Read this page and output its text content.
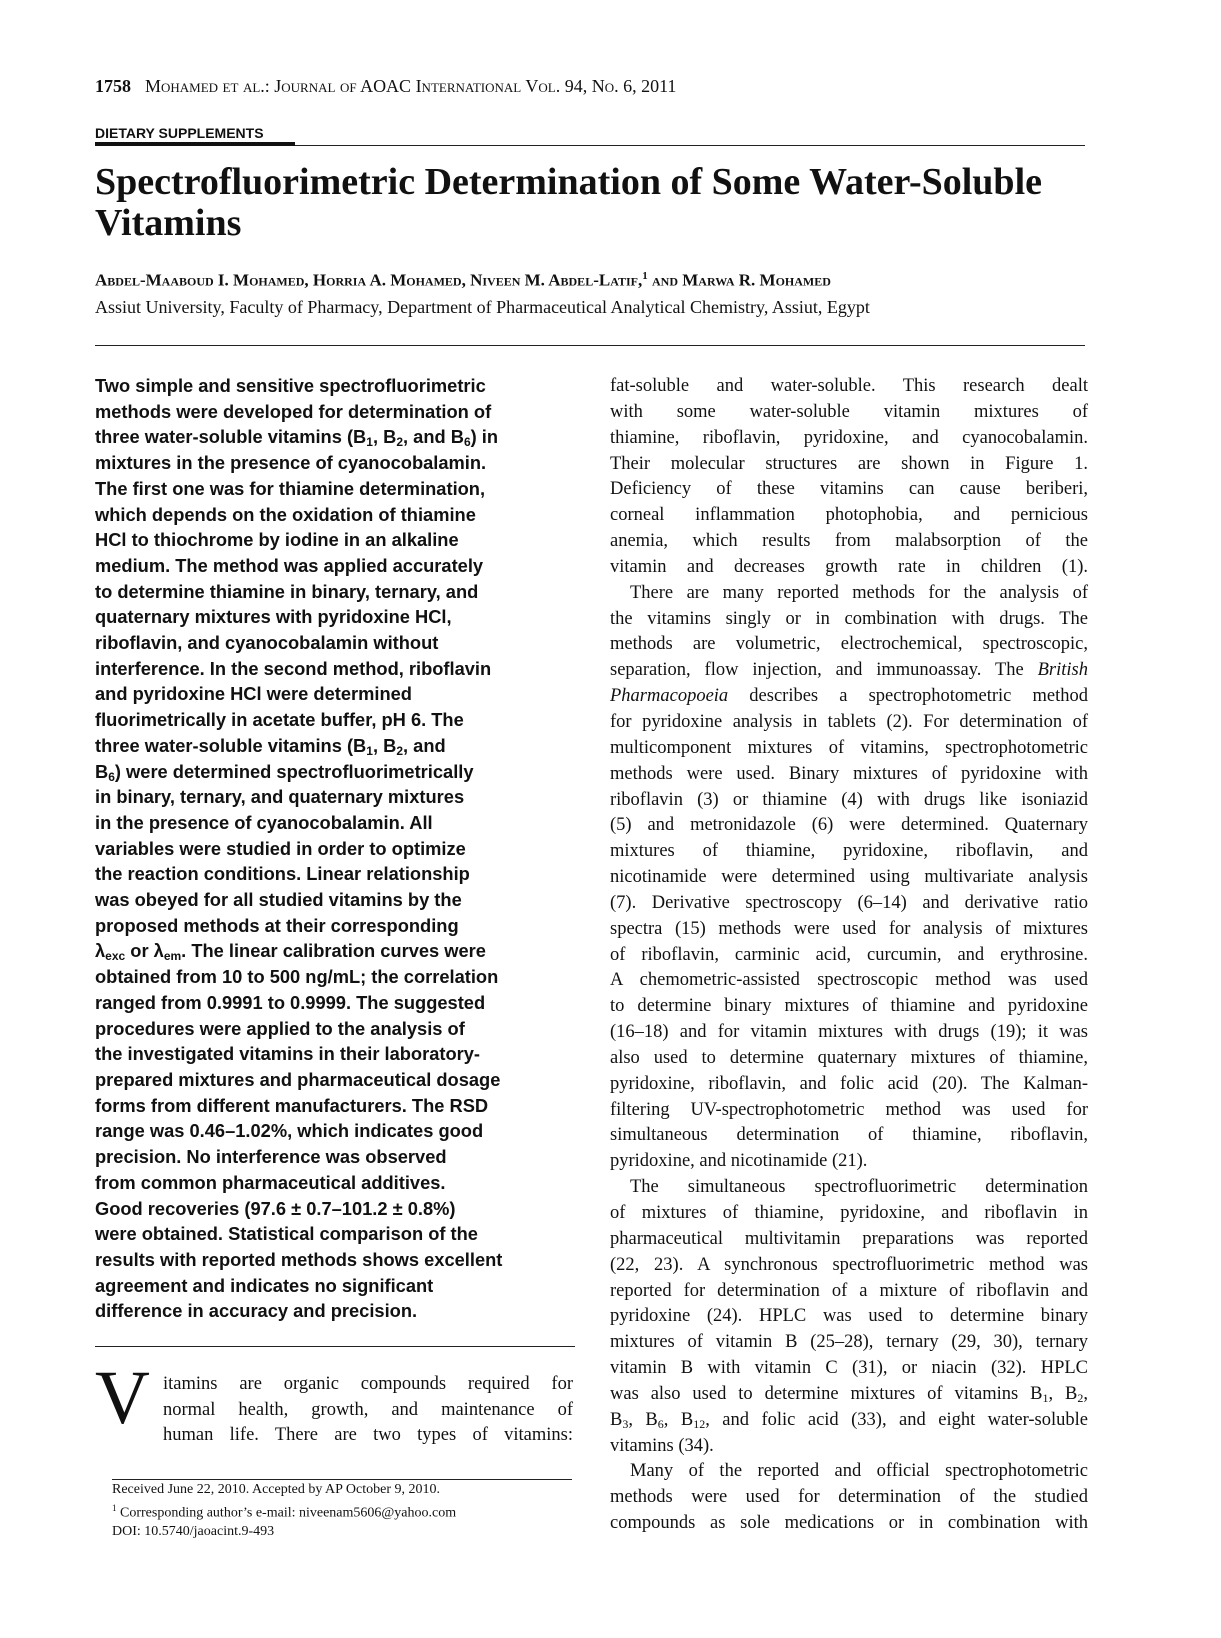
1758 Mohamed et al.: Journal of AOAC International Vol. 94, No. 6, 2011
DIETARY SUPPLEMENTS
Spectrofluorimetric Determination of Some Water-Soluble Vitamins
Abdel-Maaboud I. Mohamed, Horria A. Mohamed, Niveen M. Abdel-Latif,$^1$ and Marwa R. Mohamed
Assiut University, Faculty of Pharmacy, Department of Pharmaceutical Analytical Chemistry, Assiut, Egypt
Two simple and sensitive spectrofluorimetric
methods were developed for determination of
three water-soluble vitamins ($B_1$, $B_2$, and $B_6$) in
mixtures in the presence of cyanocobalamin.
The first one was for thiamine determination,
which depends on the oxidation of thiamine
HCl to thiochrome by iodine in an alkaline
medium. The method was applied accurately
to determine thiamine in binary, ternary, and
quaternary mixtures with pyridoxine HCl,
riboflavin, and cyanocobalamin without
interference. In the second method, riboflavin
and pyridoxine HCl were determined
fluorimetrically in acetate buffer, pH 6. The
three water-soluble vitamins ($B_1$, $B_2$, and
$B_6$) were determined spectrofluorimetrically
in binary, ternary, and quaternary mixtures
in the presence of cyanocobalamin. All
variables were studied in order to optimize
the reaction conditions. Linear relationship
was obeyed for all studied vitamins by the
proposed methods at their corresponding
$\lambda_{exc}$ or $\lambda_{em}$. The linear calibration curves were
obtained from 10 to 500 ng/mL; the correlation
ranged from 0.9991 to 0.9999. The suggested
procedures were applied to the analysis of
the investigated vitamins in their laboratory-
prepared mixtures and pharmaceutical dosage
forms from different manufacturers. The RSD
range was 0.46–1.02%, which indicates good
precision. No interference was observed
from common pharmaceutical additives.
Good recoveries (97.6 ± 0.7–101.2 ± 0.8%)
were obtained. Statistical comparison of the
results with reported methods shows excellent
agreement and indicates no significant
difference in accuracy and precision.
V itamins are organic compounds required for
normal health, growth, and maintenance of
human life. There are two types of vitamins:
Received June 22, 2010. Accepted by AP October 9, 2010.
$^1$ Corresponding author’s e-mail: niveenam5606@yahoo.com
DOI: 10.5740/jaoacint.9-493
fat-soluble and water-soluble. This research dealt
with some water-soluble vitamin mixtures of
thiamine, riboflavin, pyridoxine, and cyanocobalamin.
Their molecular structures are shown in Figure 1.
Deficiency of these vitamins can cause beriberi,
corneal inflammation photophobia, and pernicious
anemia, which results from malabsorption of the
vitamin and decreases growth rate in children (1).
There are many reported methods for the analysis of
the vitamins singly or in combination with drugs. The
methods are volumetric, electrochemical, spectroscopic,
separation, flow injection, and immunoassay. The British
Pharmacopoeia describes a spectrophotometric method
for pyridoxine analysis in tablets (2). For determination of
multicomponent mixtures of vitamins, spectrophotometric
methods were used. Binary mixtures of pyridoxine with
riboflavin (3) or thiamine (4) with drugs like isoniazid
(5) and metronidazole (6) were determined. Quaternary
mixtures of thiamine, pyridoxine, riboflavin, and
nicotinamide were determined using multivariate analysis
(7). Derivative spectroscopy (6–14) and derivative ratio
spectra (15) methods were used for analysis of mixtures
of riboflavin, carminic acid, curcumin, and erythrosine.
A chemometric-assisted spectroscopic method was used
to determine binary mixtures of thiamine and pyridoxine
(16–18) and for vitamin mixtures with drugs (19); it was
also used to determine quaternary mixtures of thiamine,
pyridoxine, riboflavin, and folic acid (20). The Kalman-
filtering UV-spectrophotometric method was used for
simultaneous determination of thiamine, riboflavin,
pyridoxine, and nicotinamide (21).
The simultaneous spectrofluorimetric determination
of mixtures of thiamine, pyridoxine, and riboflavin in
pharmaceutical multivitamin preparations was reported
(22, 23). A synchronous spectrofluorimetric method was
reported for determination of a mixture of riboflavin and
pyridoxine (24). HPLC was used to determine binary
mixtures of vitamin B (25–28), ternary (29, 30), ternary
vitamin B with vitamin C (31), or niacin (32). HPLC
was also used to determine mixtures of vitamins $B_1$, $B_2$,
$B_3$, $B_6$, $B_{12}$, and folic acid (33), and eight water-soluble
vitamins (34).
Many of the reported and official spectrophotometric
methods were used for determination of the studied
compounds as sole medications or in combination with
